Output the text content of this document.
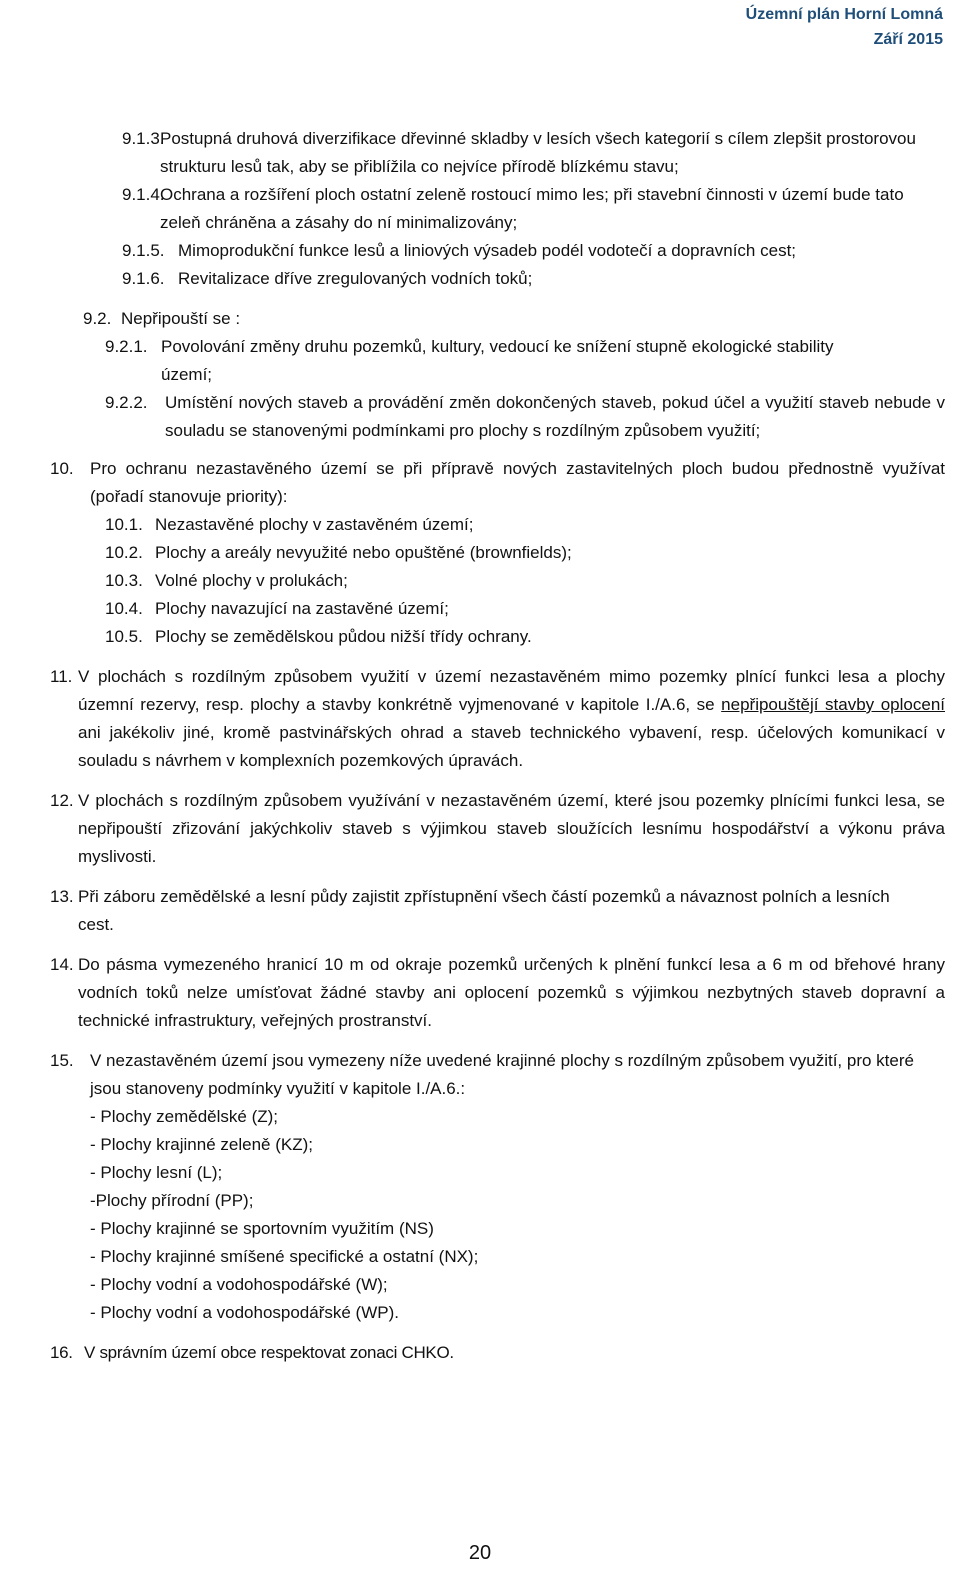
Územní plán Horní Lomná
Září 2015
9.1.3.
Postupná druhová diverzifikace dřevinné skladby v lesích všech kategorií s cílem zlepšit prostorovou strukturu lesů tak, aby se přiblížila co nejvíce přírodě blízkému stavu;
9.1.4.
Ochrana a rozšíření ploch ostatní zeleně rostoucí mimo les; při stavební činnosti v území bude tato zeleň chráněna a zásahy do ní minimalizovány;
9.1.5. Mimoprodukční funkce lesů a liniových výsadeb podél vodotečí a dopravních cest;
9.1.6. Revitalizace dříve zregulovaných vodních toků;
9.2. Nepřipouští se :
9.2.1. Povolování změny druhu pozemků, kultury, vedoucí ke snížení stupně ekologické stability území;
9.2.2.	Umístění nových staveb a provádění změn dokončených staveb, pokud účel a využití staveb nebude v souladu se stanovenými podmínkami pro plochy s rozdílným způsobem využití;
10. Pro ochranu nezastavěného území se při přípravě nových zastavitelných ploch budou přednostně využívat (pořadí stanovuje priority):
10.1. Nezastavěné plochy v zastavěném území;
10.2. Plochy a areály nevyužité nebo opuštěné (brownfields);
10.3. Volné plochy v prolukách;
10.4. Plochy navazující na zastavěné území;
10.5. Plochy se zemědělskou půdou nižší třídy ochrany.
11. V plochách s rozdílným způsobem využití v území nezastavěném mimo pozemky plnící funkci lesa a plochy územní rezervy, resp. plochy a stavby konkrétně vyjmenované v kapitole I./A.6, se nepřipouštějí stavby oplocení ani jakékoliv jiné, kromě pastvinářských ohrad a staveb technického vybavení, resp. účelových komunikací v souladu s návrhem v komplexních pozemkových úpravách.
12. V plochách s rozdílným způsobem využívání v nezastavěném území, které jsou pozemky plnícími funkci lesa, se nepřipouští zřizování jakýchkoliv staveb s výjimkou staveb sloužících lesnímu hospodářství a výkonu práva myslivosti.
13. Při záboru zemědělské a lesní půdy zajistit zpřístupnění všech částí pozemků a návaznost polních a lesních cest.
14. Do pásma vymezeného hranicí 10 m od okraje pozemků určených k plnění funkcí lesa a 6 m od břehové hrany vodních toků nelze umísťovat žádné stavby ani oplocení pozemků s výjimkou nezbytných staveb dopravní a technické infrastruktury, veřejných prostranství.
15. V nezastavěném území jsou vymezeny níže uvedené krajinné plochy s rozdílným způsobem využití, pro které jsou stanoveny podmínky využití v kapitole I./A.6.:
- Plochy zemědělské (Z);
- Plochy krajinné zeleně (KZ);
- Plochy lesní (L);
-Plochy přírodní (PP);
- Plochy krajinné se sportovním využitím (NS)
- Plochy krajinné smíšené specifické a ostatní (NX);
- Plochy vodní a vodohospodářské (W);
- Plochy vodní a vodohospodářské (WP).
16. V správním území obce respektovat zonaci CHKO.
20
